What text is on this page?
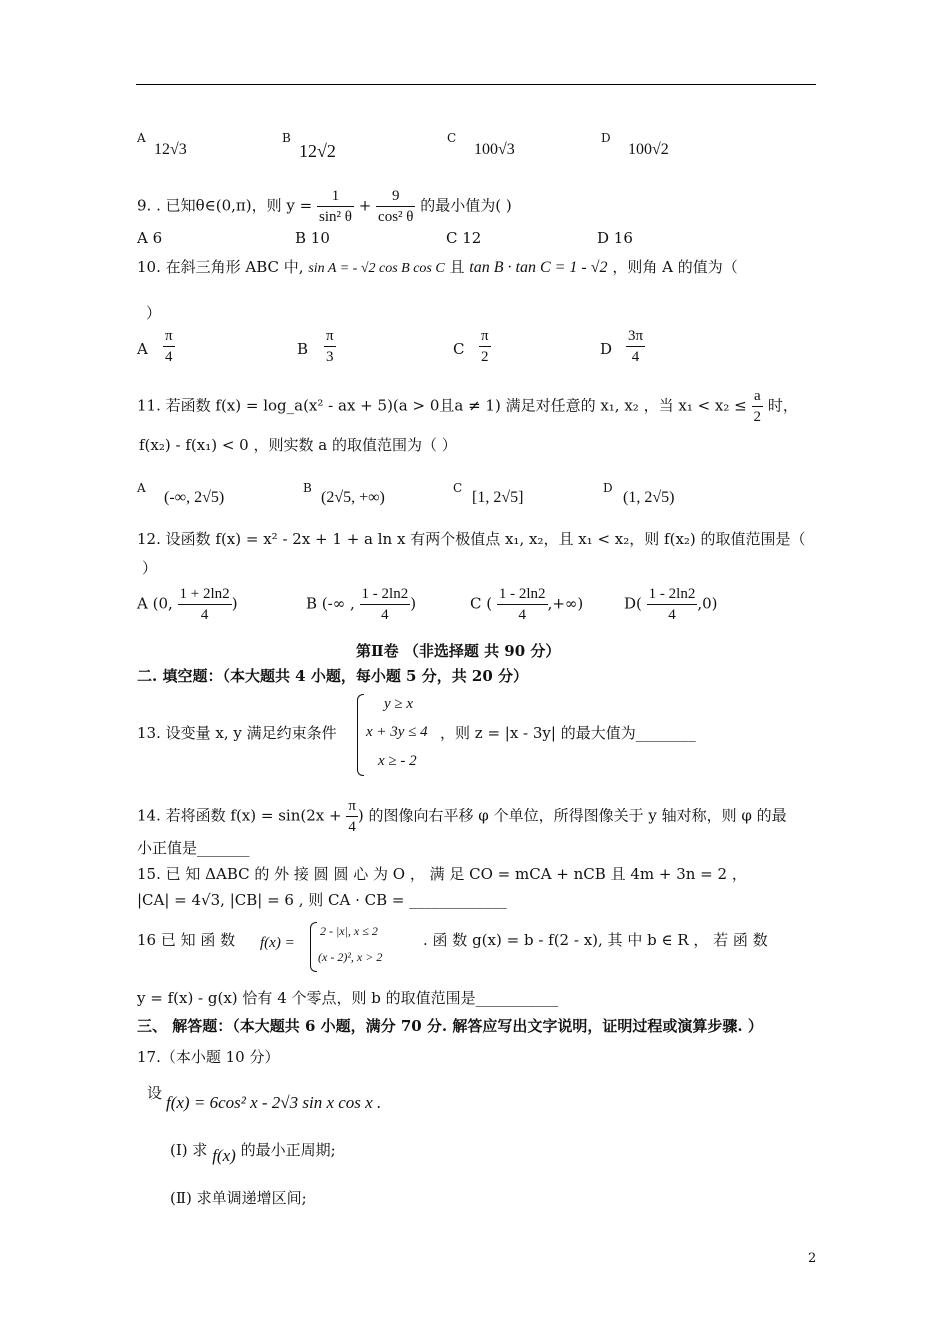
A
12√3
B
12√2
C
100√3
D
100√2
9. . 已知θ∈(0,π)，则 $y = \frac{1}{\text{sin² θ}} + \frac{9}{\text{cos² θ}}$ 的最小值为( )
A 6	B 10	C 12	D 16
10. 在斜三角形 ABC 中, sin A = - √2 cos B cos C 且 tan B · tan C = 1 - √2 ，则角 A 的值为（
）
A $\frac{\pi}{4}$	B $\frac{\pi}{3}$	C $\frac{\pi}{2}$	D $\frac{3\pi}{4}$
11. 若函数 f(x) = log_a(x² - ax + 5)(a > 0且a ≠ 1) 满足对任意的 x₁, x₂ ，当 $x_1 < x_2 \le \frac{a}{2}$ 时，
f(x₂) - f(x₁) < 0 ，则实数 a 的取值范围为（ ）
A
(-∞, 2√5)
B
(2√5, +∞)
C
[1, 2√5]
D
(1, 2√5)
12. 设函数 f(x) = x² - 2x + 1 + a ln x 有两个极值点 x₁, x₂，且 x₁ < x₂，则 f(x₂) 的取值范围是（
）
A (0, $\frac{1 + 2\ln 2}{4}$ )	B (-∞ , $\frac{1 - 2\ln 2}{4}$ )	C ( $\frac{1 - 2\ln 2}{4}$ ,+∞)	$D( \frac{1 - 2\ln 2}{4} ,0)$
第Ⅱ卷 （非选择题 共 90 分）
二. 填空题：（本大题共 4 小题，每小题 5 分，共 20 分）
13. 设变量 x, y 满足约束条件
y ≥ x
x + 3y ≤ 4
x ≥ - 2
，则 z = |x - 3y| 的最大值为________
14. 若将函数 $f(x) = \sin(2x + \frac{\pi}{4}$ ) 的图像向右平移 φ 个单位，所得图像关于 y 轴对称，则 φ 的最
小正值是_______
15. 已 知 ΔABC 的 外 接 圆 圆 心 为 O ， 满 足 CO = mCA + nCB 且 4m + 3n = 2 ，
|CA| = 4√3, |CB| = 6 , 则 CA · CB = _____________
16 已 知 函 数 f(x) =
2 - |x|, x ≤ 2
(x - 2)², x > 2
. 函 数 g(x) = b - f(2 - x), 其 中 b ∈ R ， 若 函 数
y = f(x) - g(x) 恰有 4 个零点，则 b 的取值范围是___________
三、 解答题：（本大题共 6 小题，满分 70 分. 解答应写出文字说明，证明过程或演算步骤. ）
17.（本小题 10 分）
设 f(x) = 6cos² x - 2√3 sin x cos x .
(Ⅰ) 求 f(x) 的最小正周期;
(Ⅱ) 求单调递增区间;
2
